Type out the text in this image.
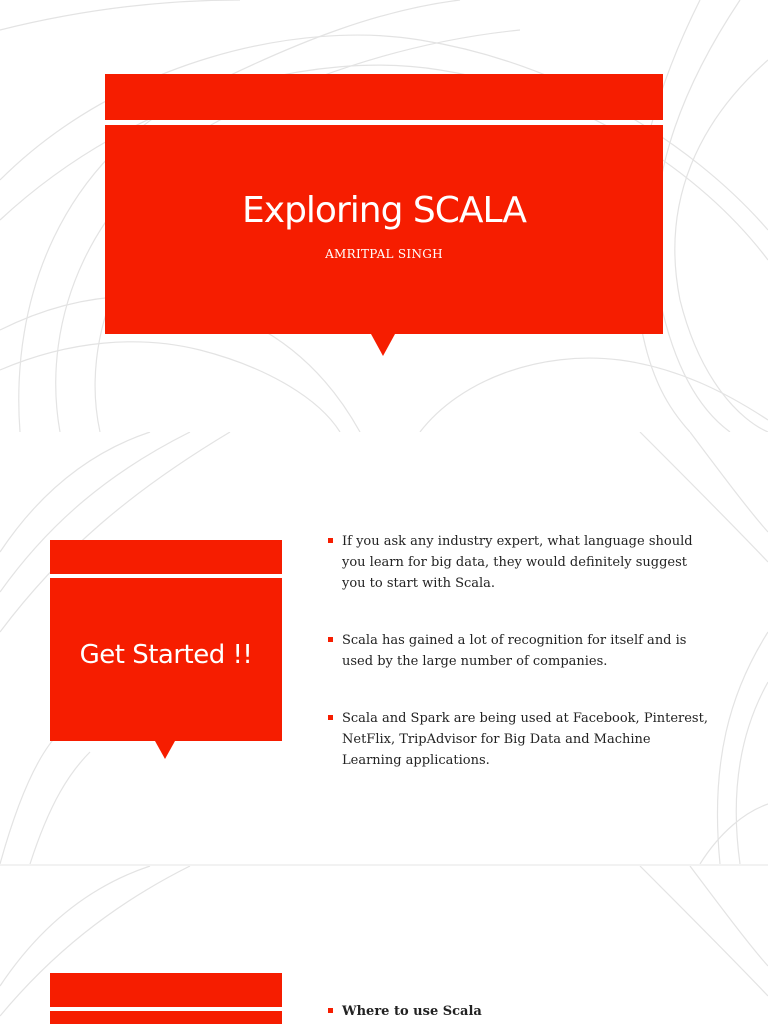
Exploring SCALA
AMRITPAL SINGH
Get Started !!
If you ask any industry expert, what language should you learn for big data, they would definitely suggest you to start with Scala.
Scala has gained a lot of recognition for itself and is used by the large number of companies.
Scala and Spark are being used at Facebook, Pinterest, NetFlix, TripAdvisor for Big Data and Machine Learning applications.
Where to use Scala
